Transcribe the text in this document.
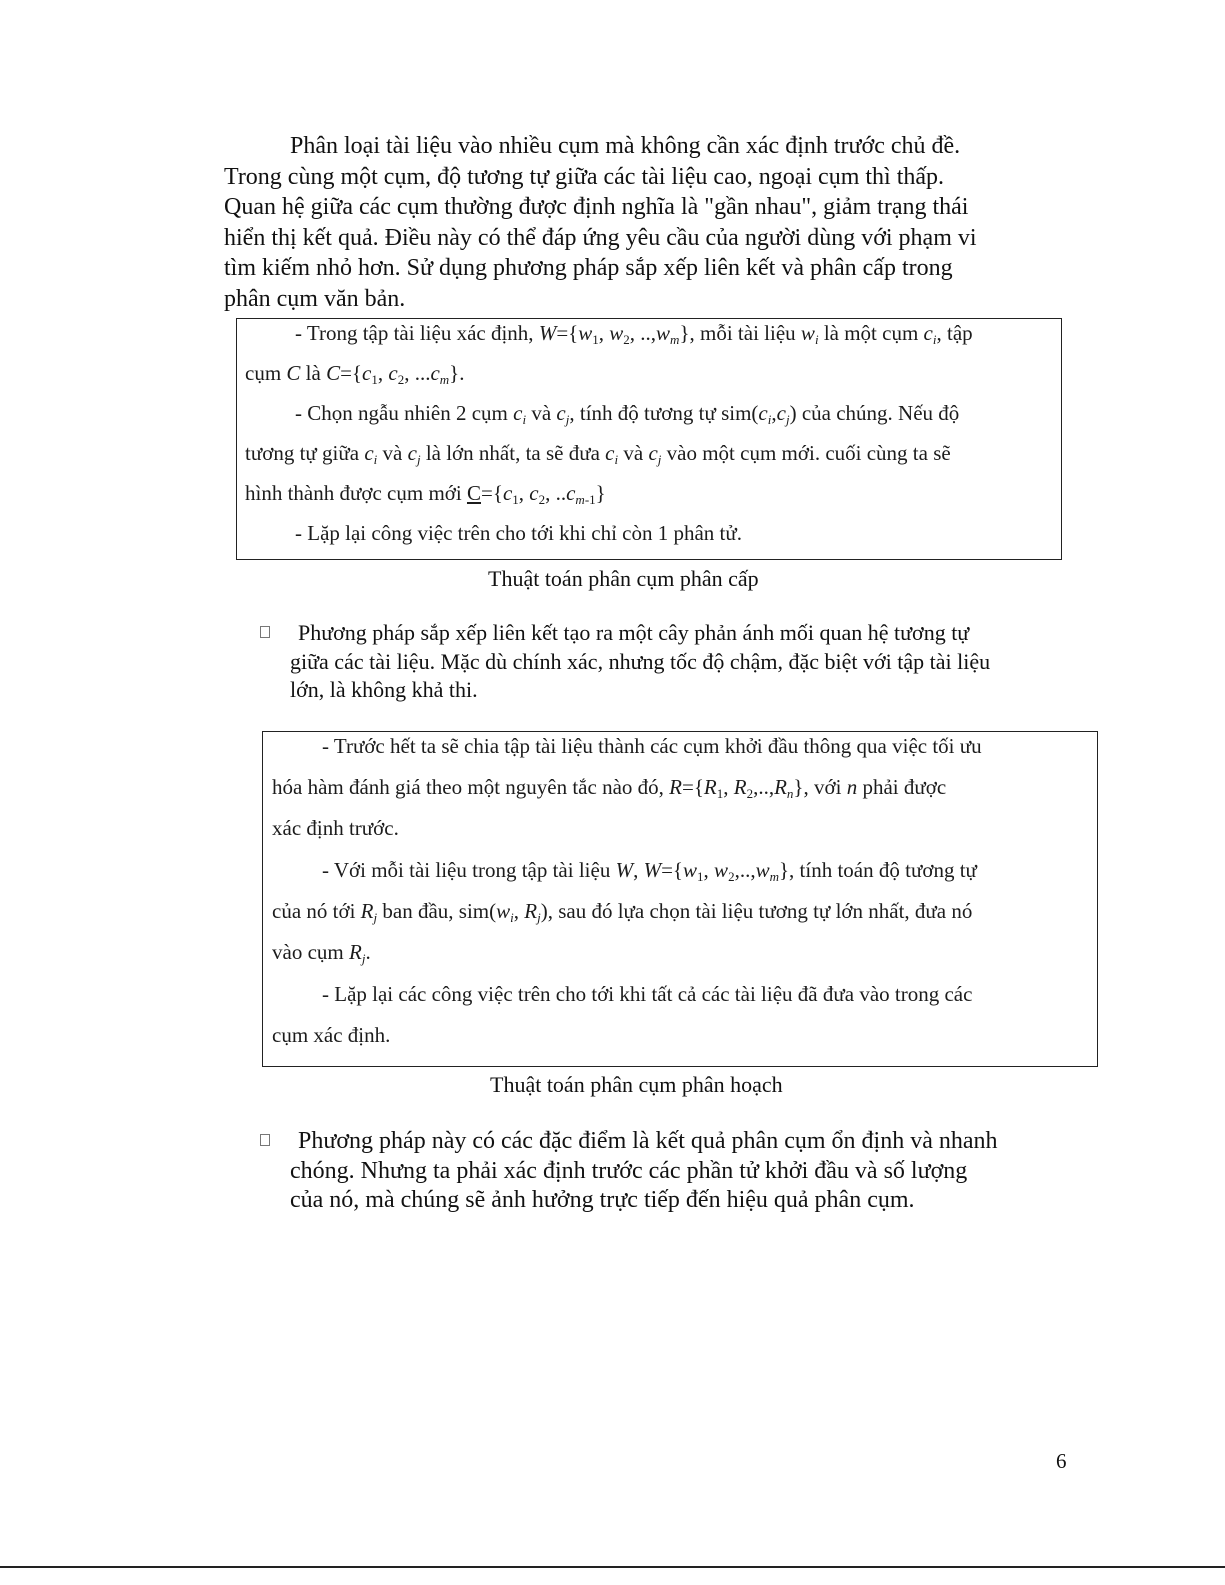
Phân loại tài liệu vào nhiều cụm mà không cần xác định trước chủ đề.
Trong cùng một cụm, độ tương tự giữa các tài liệu cao, ngoại cụm thì thấp.
Quan hệ giữa các cụm thường được định nghĩa là "gần nhau", giảm trạng thái
hiển thị kết quả. Điều này có thể đáp ứng yêu cầu của người dùng với phạm vi
tìm kiếm nhỏ hơn. Sử dụng phương pháp sắp xếp liên kết và phân cấp trong
phân cụm văn bản.

- Trong tập tài liệu xác định, $W=\{w_1$, $w_2$, $..,w_m$}, mỗi tài liệu $w_i$ là một cụm $c_i$, tập
cụm C là $C=\{c_1$, $c_2$, $...c_m$}.
- Chọn ngẫu nhiên 2 cụm $c_i$ và $c_j$, tính độ tương tự $sim(c_i,c_j)$ của chúng. Nếu độ
tương tự giữa $c_i$ và $c_j$ là lớn nhất, ta sẽ đưa $c_i$ và $c_j$ vào một cụm mới. cuối cùng ta sẽ
hình thành được cụm mới $C=\{c_1$, $c_2$, $..c_{m-1}$}
- Lặp lại công việc trên cho tới khi chỉ còn 1 phân tử.
Thuật toán phân cụm phân cấp
Phương pháp sắp xếp liên kết tạo ra một cây phản ánh mối quan hệ tương tự
giữa các tài liệu. Mặc dù chính xác, nhưng tốc độ chậm, đặc biệt với tập tài liệu
lớn, là không khả thi.
- Trước hết ta sẽ chia tập tài liệu thành các cụm khởi đầu thông qua việc tối ưu
hóa hàm đánh giá theo một nguyên tắc nào đó, $R=\{R_1$, $R_2,..,R_n$}, với n phải được
xác định trước.
- Với mỗi tài liệu trong tập tài liệu W, $W=\{w_1$, $w_2,..,w_m$}, tính toán độ tương tự
của nó tới $R_j$ ban đầu, $sim(w_i$, $R_j$), sau đó lựa chọn tài liệu tương tự lớn nhất, đưa nó
vào cụm $R_j$.
- Lặp lại các công việc trên cho tới khi tất cả các tài liệu đã đưa vào trong các
cụm xác định.
Thuật toán phân cụm phân hoạch
Phương pháp này có các đặc điểm là kết quả phân cụm ổn định và nhanh
chóng. Nhưng ta phải xác định trước các phần tử khởi đầu và số lượng
của nó, mà chúng sẽ ảnh hưởng trực tiếp đến hiệu quả phân cụm.
6
